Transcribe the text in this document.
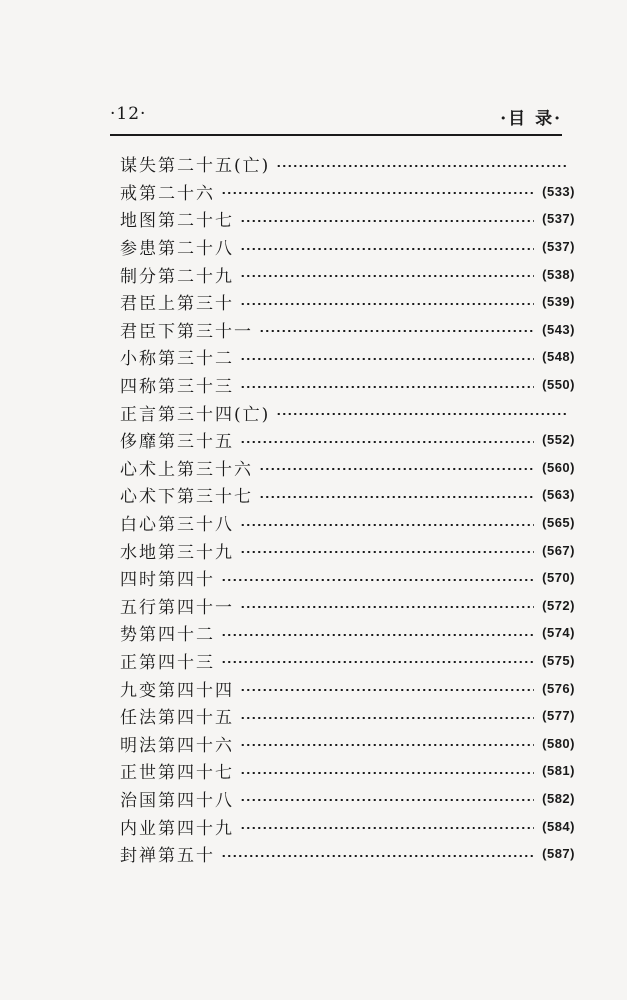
·12·	·目 录·
谋失第二十五(亡)
戒第二十六	(533)
地图第二十七	(537)
参患第二十八	(537)
制分第二十九	(538)
君臣上第三十	(539)
君臣下第三十一	(543)
小称第三十二	(548)
四称第三十三	(550)
正言第三十四(亡)
侈靡第三十五	(552)
心术上第三十六	(560)
心术下第三十七	(563)
白心第三十八	(565)
水地第三十九	(567)
四时第四十	(570)
五行第四十一	(572)
势第四十二	(574)
正第四十三	(575)
九变第四十四	(576)
任法第四十五	(577)
明法第四十六	(580)
正世第四十七	(581)
治国第四十八	(582)
内业第四十九	(584)
封禅第五十	(587)
